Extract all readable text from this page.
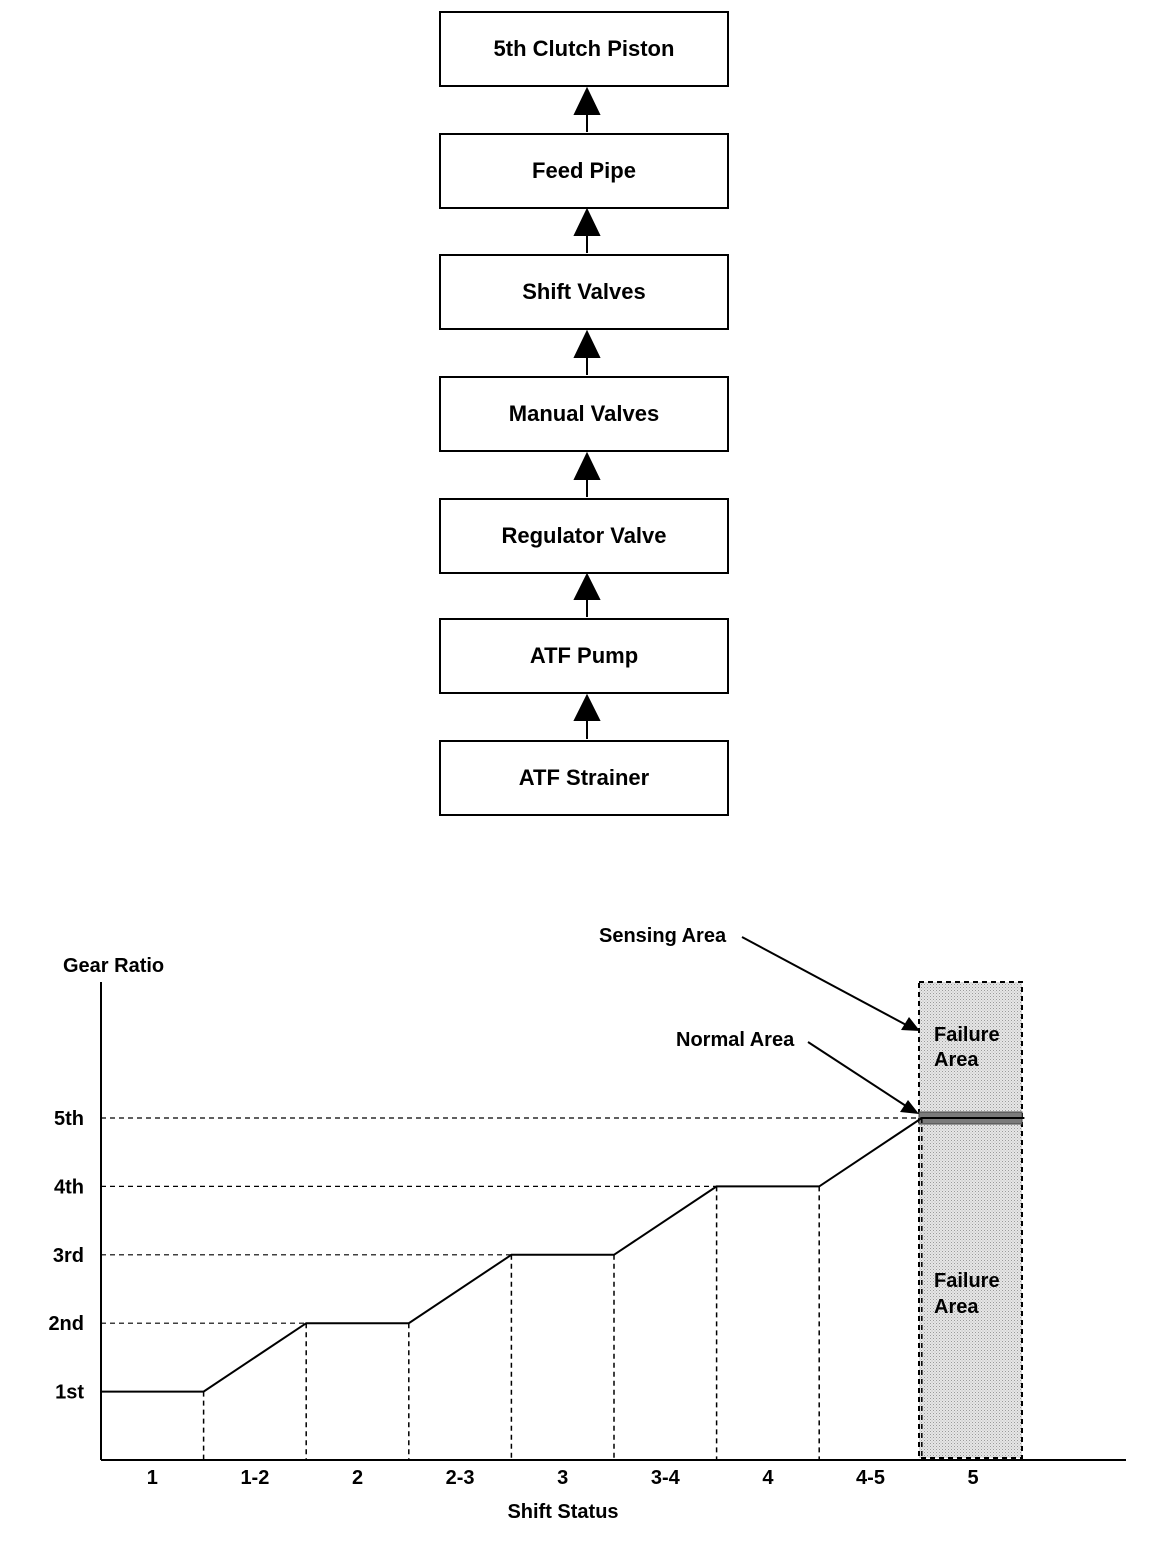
5th Clutch Piston
Feed Pipe
Shift Valves
Manual Valves
Regulator Valve
ATF Pump
ATF Strainer
1st
2nd
3rd
4th
5th
1	1-2	2	2-3	3	3-4	4	4-5	5
Gear Ratio
Shift Status
Sensing Area
Normal Area	Failure
Area
Failure
Area
